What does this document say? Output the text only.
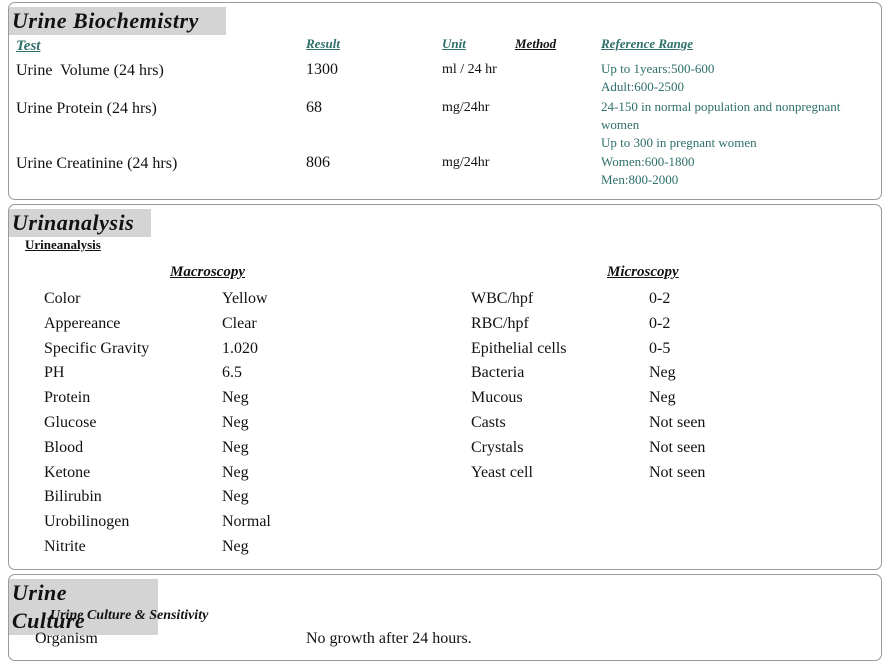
Urine Biochemistry
Test	Result	Unit	Method	Reference Range
Urine  Volume (24 hrs)	1300	ml / 24 hr	Up to 1years:500-600
Adult:600-2500
Urine Protein (24 hrs)	68	mg/24hr	24-150 in normal population and nonpregnant
women
Up to 300 in pregnant women
Urine Creatinine (24 hrs)	806	mg/24hr	Women:600-1800
Men:800-2000
Urinanalysis
Urineanalysis
Macroscopy	Microscopy
Color	Yellow
Appereance	Clear
Specific Gravity	1.020
PH	6.5
Protein	Neg
Glucose	Neg
Blood	Neg
Ketone	Neg
Bilirubin	Neg
Urobilinogen	Normal
Nitrite	Neg
WBC/hpf	0-2
RBC/hpf	0-2
Epithelial cells	0-5
Bacteria	Neg
Mucous	Neg
Casts	Not seen
Crystals	Not seen
Yeast cell	Not seen
Urine Culture
Urine Culture & Sensitivity
Organism	No growth after 24 hours.
